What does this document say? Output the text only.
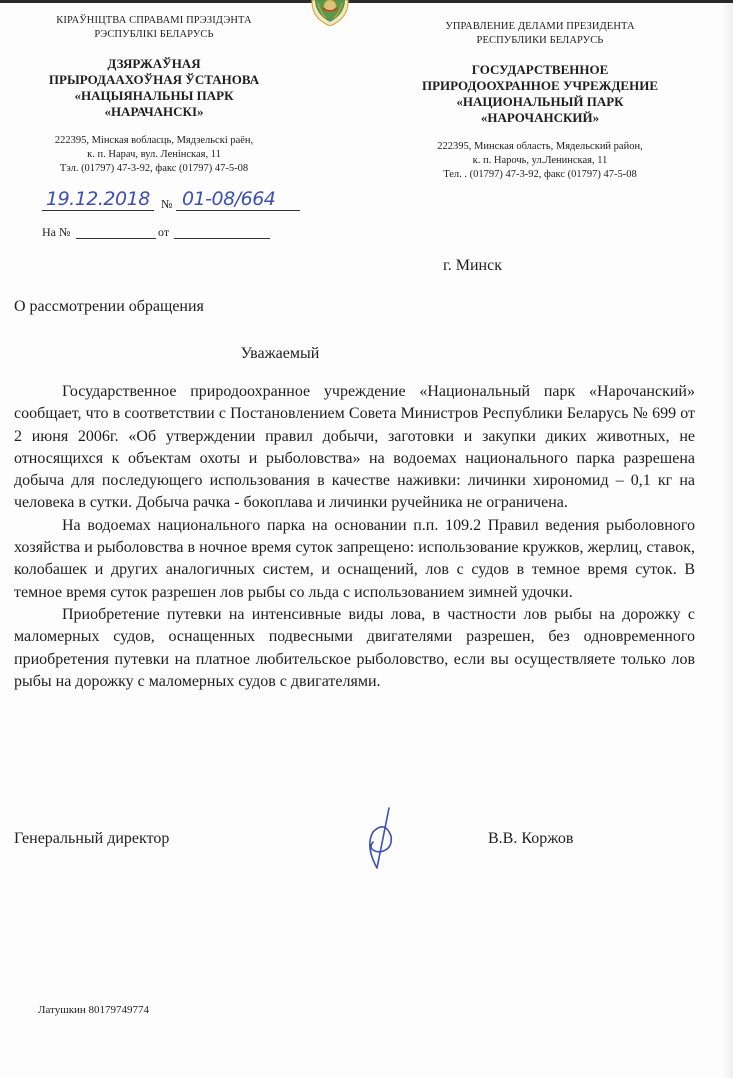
КІРАЎНІЦТВА СПРАВАМІ ПРЭЗІДЭНТА
РЭСПУБЛІКІ БЕЛАРУСЬ
ДЗЯРЖАЎНАЯ
ПРЫРОДААХОЎНАЯ ЎСТАНОВА
«НАЦЫЯНАЛЬНЫ ПАРК
«НАРАЧАНСКІ»
222395, Мінская вобласць, Мядзельскі раён,
к. п. Нарач, вул. Ленінская, 11
Тэл. (01797) 47-3-92, факс (01797) 47-5-08
УПРАВЛЕНИЕ ДЕЛАМИ ПРЕЗИДЕНТА
РЕСПУБЛИКИ БЕЛАРУСЬ
ГОСУДАРСТВЕННОЕ
ПРИРОДООХРАННОЕ УЧРЕЖДЕНИЕ
«НАЦИОНАЛЬНЫЙ ПАРК
«НАРОЧАНСКИЙ»
222395, Минская область, Мядельский район,
к. п. Нарочь, ул.Ленинская, 11
Тел. . (01797) 47-3-92, факс (01797) 47-5-08
19.12.2018 № 01-08/664
На №	от
г. Минск
О рассмотрении обращения
Уважаемый

Государственное природоохранное учреждение «Национальный парк «Нарочанский» сообщает, что в соответствии с Постановлением Совета Министров Республики Беларусь № 699 от 2 июня 2006г. «Об утверждении правил добычи, заготовки и закупки диких животных, не относящихся к объектам охоты и рыболовства» на водоемах национального парка разрешена добыча для последующего использования в качестве наживки: личинки хирономид – 0,1 кг на человека в сутки. Добыча рачка - бокоплава и личинки ручейника не ограничена.

На водоемах национального парка на основании п.п. 109.2 Правил ведения рыболовного хозяйства и рыболовства в ночное время суток запрещено: использование кружков, жерлиц, ставок, колобашек и других аналогичных систем, и оснащений, лов с судов в темное время суток. В темное время суток разрешен лов рыбы со льда с использованием зимней удочки.

Приобретение путевки на интенсивные виды лова, в частности лов рыбы на дорожку с маломерных судов, оснащенных подвесными двигателями разрешен, без одновременного приобретения путевки на платное любительское рыболовство, если вы осуществляете только лов рыбы на дорожку с маломерных судов с двигателями.

Генеральный директор	В.В. Коржов
Латушкин 80179749774
